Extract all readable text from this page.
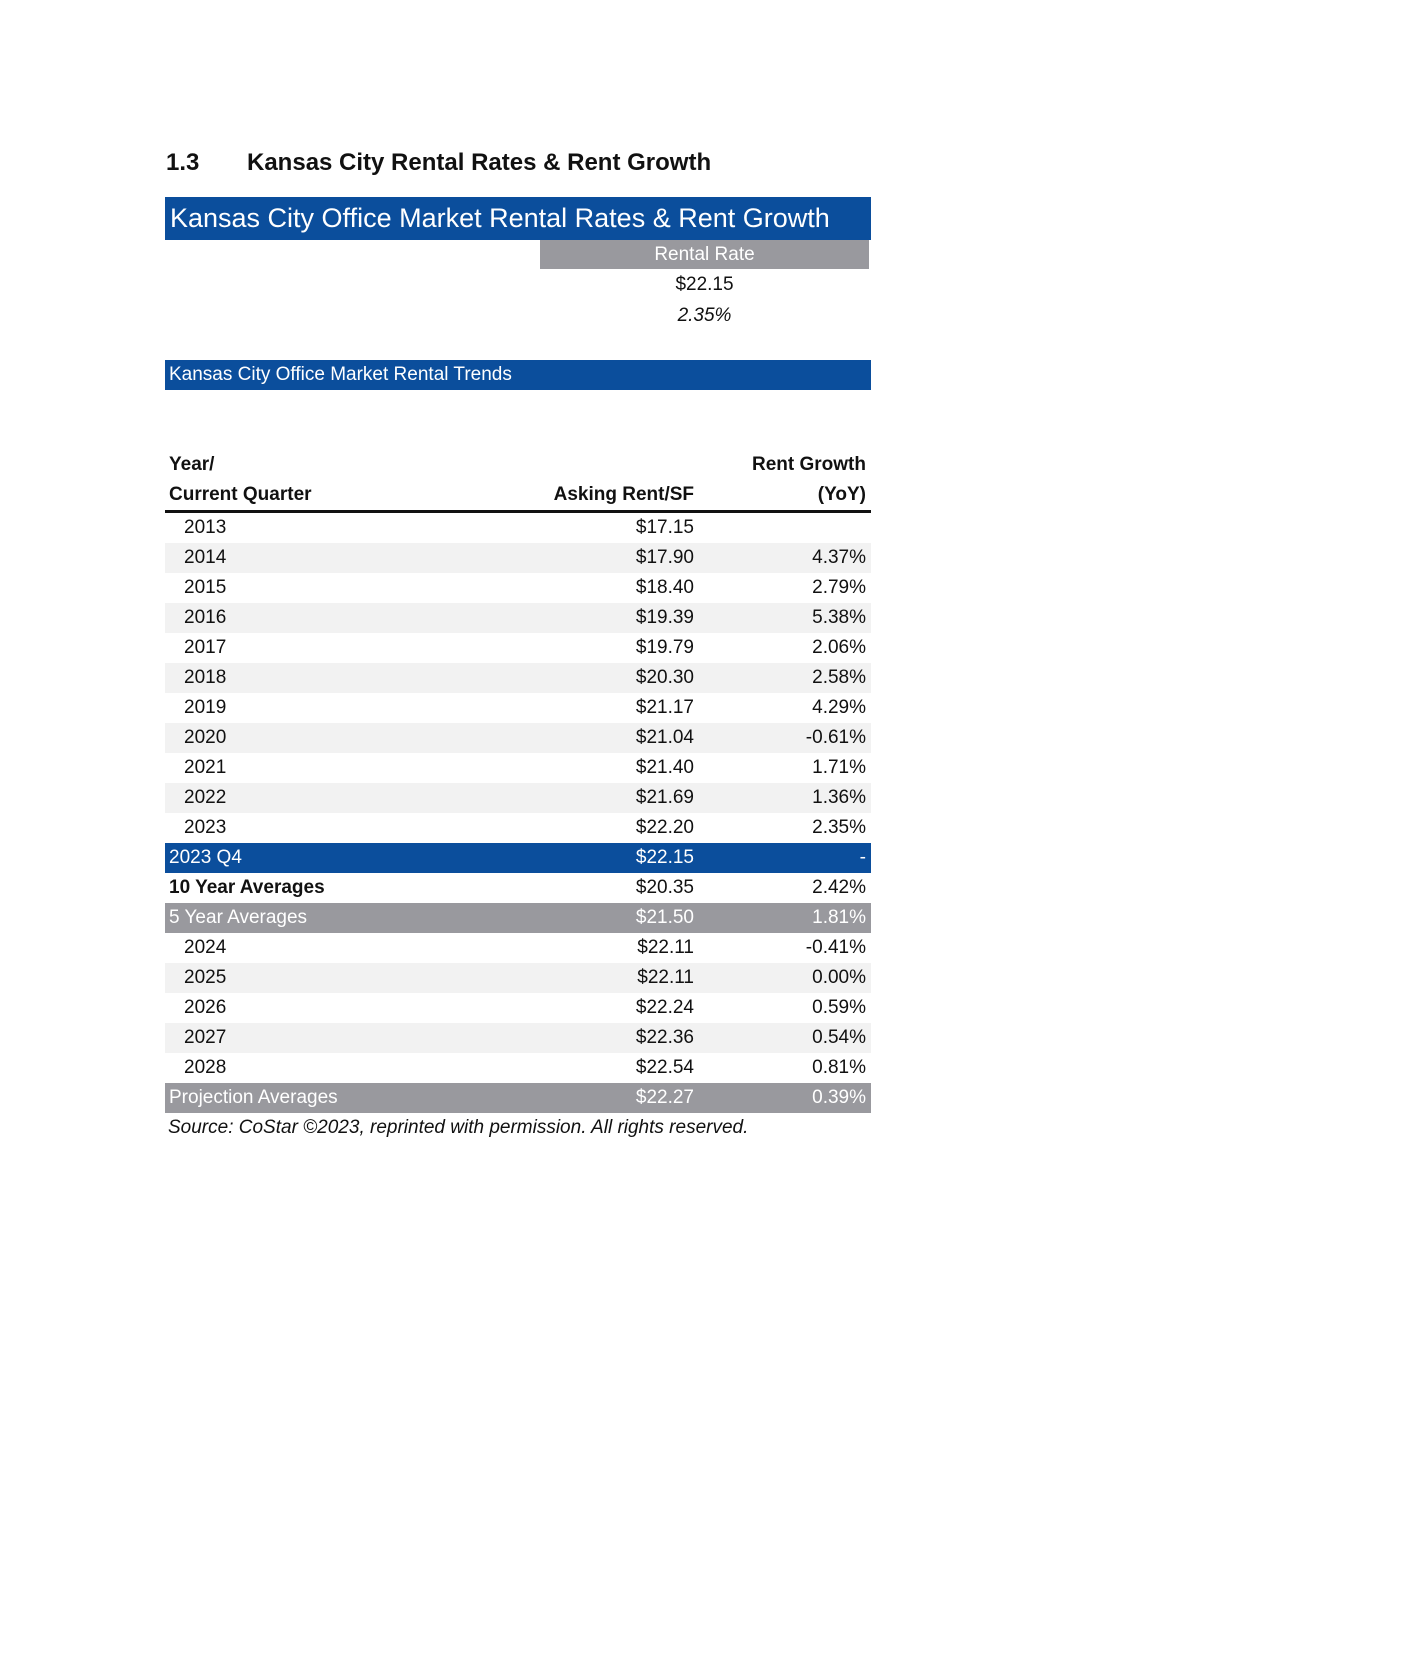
1.3	Kansas City Rental Rates & Rent Growth
Kansas City Office Market Rental Rates & Rent Growth
Rental Rate
$22.15
2.35%
Kansas City Office Market Rental Trends
Year/
Current Quarter	Asking Rent/SF
Rent Growth
(YoY)
2013	$17.15
2014	$17.90	4.37%
2015	$18.40	2.79%
2016	$19.39	5.38%
2017	$19.79	2.06%
2018	$20.30	2.58%
2019	$21.17	4.29%
2020	$21.04	-0.61%
2021	$21.40	1.71%
2022	$21.69	1.36%
2023	$22.20	2.35%
2023 Q4	$22.15	-
10 Year Averages	$20.35	2.42%
5 Year Averages	$21.50	1.81%
2024	$22.11	-0.41%
2025	$22.11	0.00%
2026	$22.24	0.59%
2027	$22.36	0.54%
2028	$22.54	0.81%
Projection Averages	$22.27	0.39%
Source: CoStar ©2023, reprinted with permission. All rights reserved.
